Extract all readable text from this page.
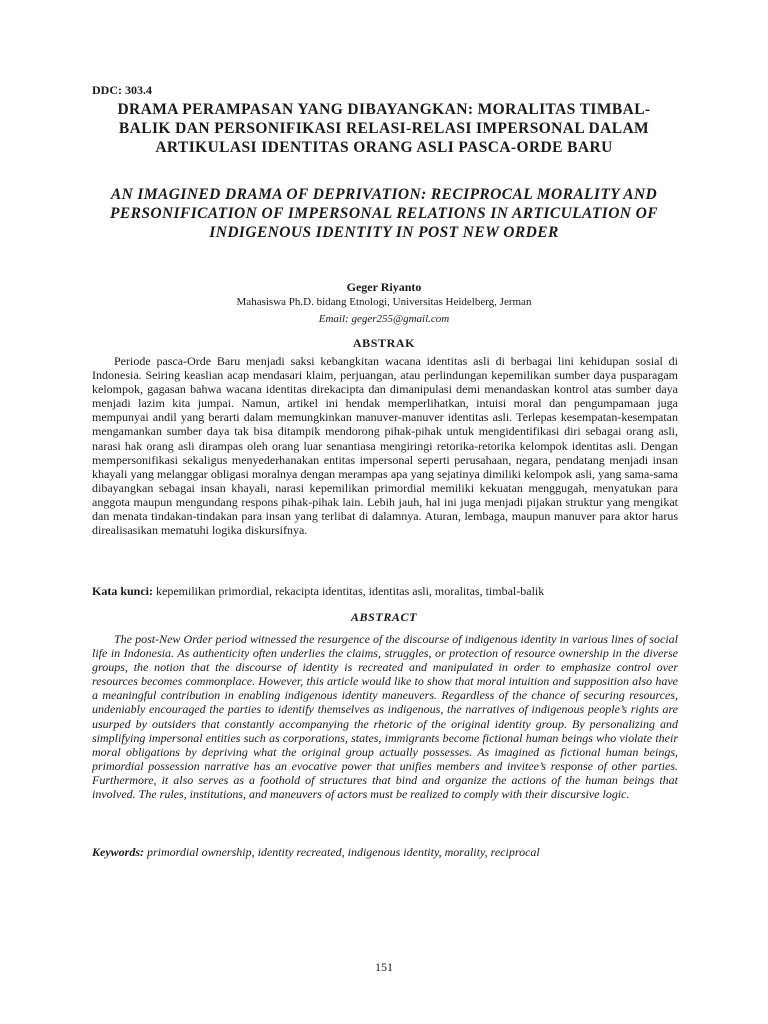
DDC: 303.4
DRAMA PERAMPASAN YANG DIBAYANGKAN: MORALITAS TIMBAL-BALIK DAN PERSONIFIKASI RELASI-RELASI IMPERSONAL DALAM ARTIKULASI IDENTITAS ORANG ASLI PASCA-ORDE BARU
AN IMAGINED DRAMA OF DEPRIVATION: RECIPROCAL MORALITY AND PERSONIFICATION OF IMPERSONAL RELATIONS IN ARTICULATION OF INDIGENOUS IDENTITY IN POST NEW ORDER
Geger Riyanto
Mahasiswa Ph.D. bidang Etnologi, Universitas Heidelberg, Jerman
Email: geger255@gmail.com
ABSTRAK

Periode pasca-Orde Baru menjadi saksi kebangkitan wacana identitas asli di berbagai lini kehidupan sosial di Indonesia. Seiring keaslian acap mendasari klaim, perjuangan, atau perlindungan kepemilikan sumber daya pusparagam kelompok, gagasan bahwa wacana identitas direkacipta dan dimanipulasi demi menandaskan kontrol atas sumber daya menjadi lazim kita jumpai. Namun, artikel ini hendak memperlihatkan, intuisi moral dan pengumpamaan juga mempunyai andil yang berarti dalam memungkinkan manuver-manuver identitas asli. Terlepas kesempatan-kesempatan mengamankan sumber daya tak bisa ditampik mendorong pihak-pihak untuk mengidentifikasi diri sebagai orang asli, narasi hak orang asli dirampas oleh orang luar senantiasa mengiringi retorika-retorika kelompok identitas asli. Dengan mempersonifikasi sekaligus menyederhanakan entitas impersonal seperti perusahaan, negara, pendatang menjadi insan khayali yang melanggar obligasi moralnya dengan merampas apa yang sejatinya dimiliki kelompok asli, yang sama-sama dibayangkan sebagai insan khayali, narasi kepemilikan primordial memiliki kekuatan menggugah, menyatukan para anggota maupun mengundang respons pihak-pihak lain. Lebih jauh, hal ini juga menjadi pijakan struktur yang mengikat dan menata tindakan-tindakan para insan yang terlibat di dalamnya. Aturan, lembaga, maupun manuver para aktor harus direalisasikan mematuhi logika diskursifnya.

Kata kunci: kepemilikan primordial, rekacipta identitas, identitas asli, moralitas, timbal-balik
ABSTRACT

The post-New Order period witnessed the resurgence of the discourse of indigenous identity in various lines of social life in Indonesia. As authenticity often underlies the claims, struggles, or protection of resource ownership in the diverse groups, the notion that the discourse of identity is recreated and manipulated in order to emphasize control over resources becomes commonplace. However, this article would like to show that moral intuition and supposition also have a meaningful contribution in enabling indigenous identity maneuvers. Regardless of the chance of securing resources, undeniably encouraged the parties to identify themselves as indigenous, the narratives of indigenous people’s rights are usurped by outsiders that constantly accompanying the rhetoric of the original identity group. By personalizing and simplifying impersonal entities such as corporations, states, immigrants become fictional human beings who violate their moral obligations by depriving what the original group actually possesses. As imagined as fictional human beings, primordial possession narrative has an evocative power that unifies members and invitee’s response of other parties. Furthermore, it also serves as a foothold of structures that bind and organize the actions of the human beings that involved. The rules, institutions, and maneuvers of actors must be realized to comply with their discursive logic.

Keywords: primordial ownership, identity recreated, indigenous identity, morality, reciprocal
151
